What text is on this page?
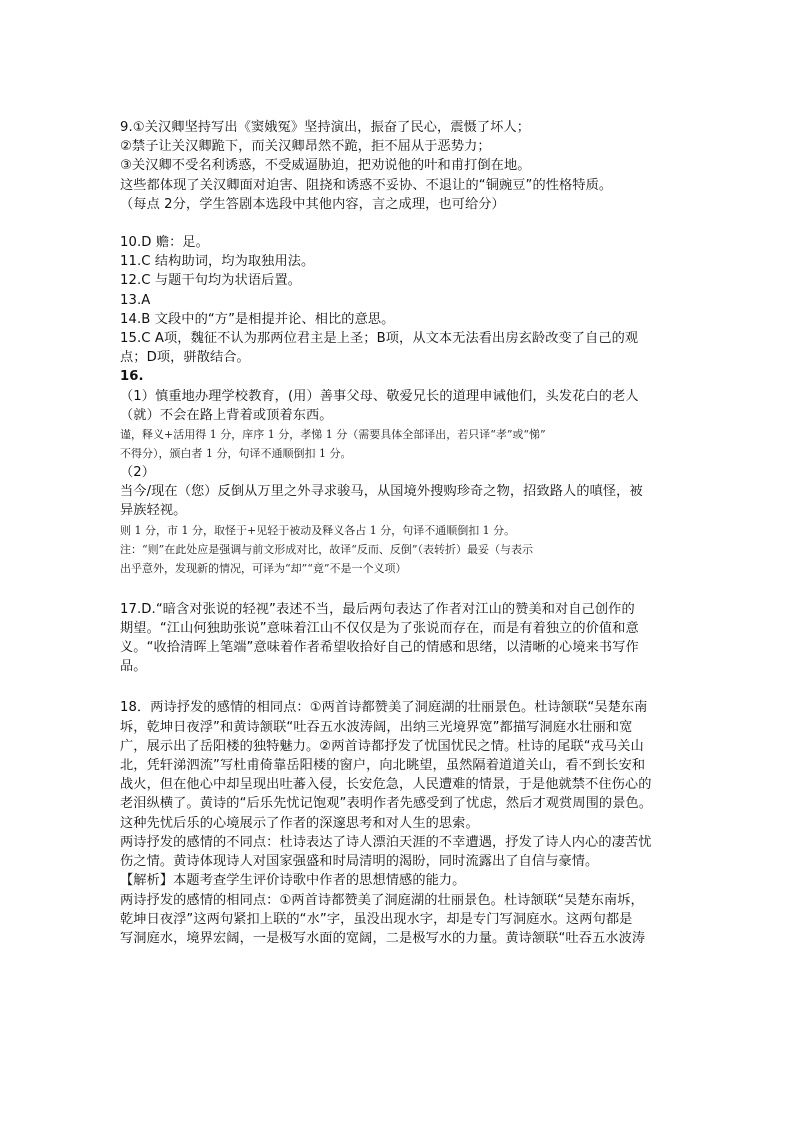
9.①关汉卿坚持写出《窦娥冤》坚持演出，振奋了民心，震慑了坏人；
②禁子让关汉卿跪下，而关汉卿昂然不跪，拒不屈从于恶势力；
③关汉卿不受名利诱惑，不受威逼胁迫，把劝说他的叶和甫打倒在地。
这些都体现了关汉卿面对迫害、阻挠和诱惑不妥协、不退让的“铜豌豆”的性格特质。
（每点 2分，学生答剧本选段中其他内容，言之成理，也可给分）
10.D 赡：足。
11.C 结构助词，均为取独用法。
12.C 与题干句均为状语后置。
13.A
14.B 文段中的“方”是相提并论、相比的意思。
15.C A项，魏征不认为那两位君主是上圣；B项，从文本无法看出房玄龄改变了自己的观
点；D项，骈散结合。
16.
（1）慎重地办理学校教育，(用）善事父母、敬爱兄长的道理申诫他们，头发花白的老人
（就）不会在路上背着或顶着东西。
谨，释义+活用得 1 分，庠序 1 分，孝悌 1 分（需要具体全部译出，若只译“孝”或“悌”
不得分），颁白者 1 分，句译不通顺倒扣 1 分。
（2）
当今/现在（您）反倒从万里之外寻求骏马，从国境外搜购珍奇之物，招致路人的嗔怪，被
异族轻视。
则 1 分，市 1 分，取怪于+见轻于被动及释义各占 1 分，句译不通顺倒扣 1 分。
注：“则”在此处应是强调与前文形成对比，故译“反而、反倒”（表转折）最妥（与表示
出乎意外，发现新的情况，可译为“却”“竟”不是一个义项）
17.D.“暗含对张说的轻视”表述不当，最后两句表达了作者对江山的赞美和对自己创作的
期望。“江山何独助张说”意味着江山不仅仅是为了张说而存在，而是有着独立的价值和意
义。“收拾清晖上笔端”意味着作者希望收拾好自己的情感和思绪，以清晰的心境来书写作
品。
18．两诗抒发的感情的相同点：①两首诗都赞美了洞庭湖的壮丽景色。杜诗颔联“吴楚东南
坼，乾坤日夜浮”和黄诗颔联“吐吞五水波涛阔，出纳三光境界宽”都描写洞庭水壮丽和宽
广，展示出了岳阳楼的独特魅力。②两首诗都抒发了忧国忧民之情。杜诗的尾联“戎马关山
北，凭轩涕泗流”写杜甫倚靠岳阳楼的窗户，向北眺望，虽然隔着道道关山，看不到长安和
战火，但在他心中却呈现出吐蕃入侵，长安危急，人民遭难的情景，于是他就禁不住伤心的
老泪纵横了。黄诗的“后乐先忧记饱观”表明作者先感受到了忧虑，然后才观赏周围的景色。
这种先忧后乐的心境展示了作者的深邃思考和对人生的思索。
两诗抒发的感情的不同点：杜诗表达了诗人漂泊天涯的不幸遭遇，抒发了诗人内心的凄苦忧
伤之情。黄诗体现诗人对国家强盛和时局清明的渴盼，同时流露出了自信与豪情。
【解析】本题考查学生评价诗歌中作者的思想情感的能力。
两诗抒发的感情的相同点：①两首诗都赞美了洞庭湖的壮丽景色。杜诗颔联“吴楚东南坼，
乾坤日夜浮”这两句紧扣上联的“水”字，虽没出现水字，却是专门写洞庭水。这两句都是
写洞庭水，境界宏阔，一是极写水面的宽阔，二是极写水的力量。黄诗颔联“吐吞五水波涛
